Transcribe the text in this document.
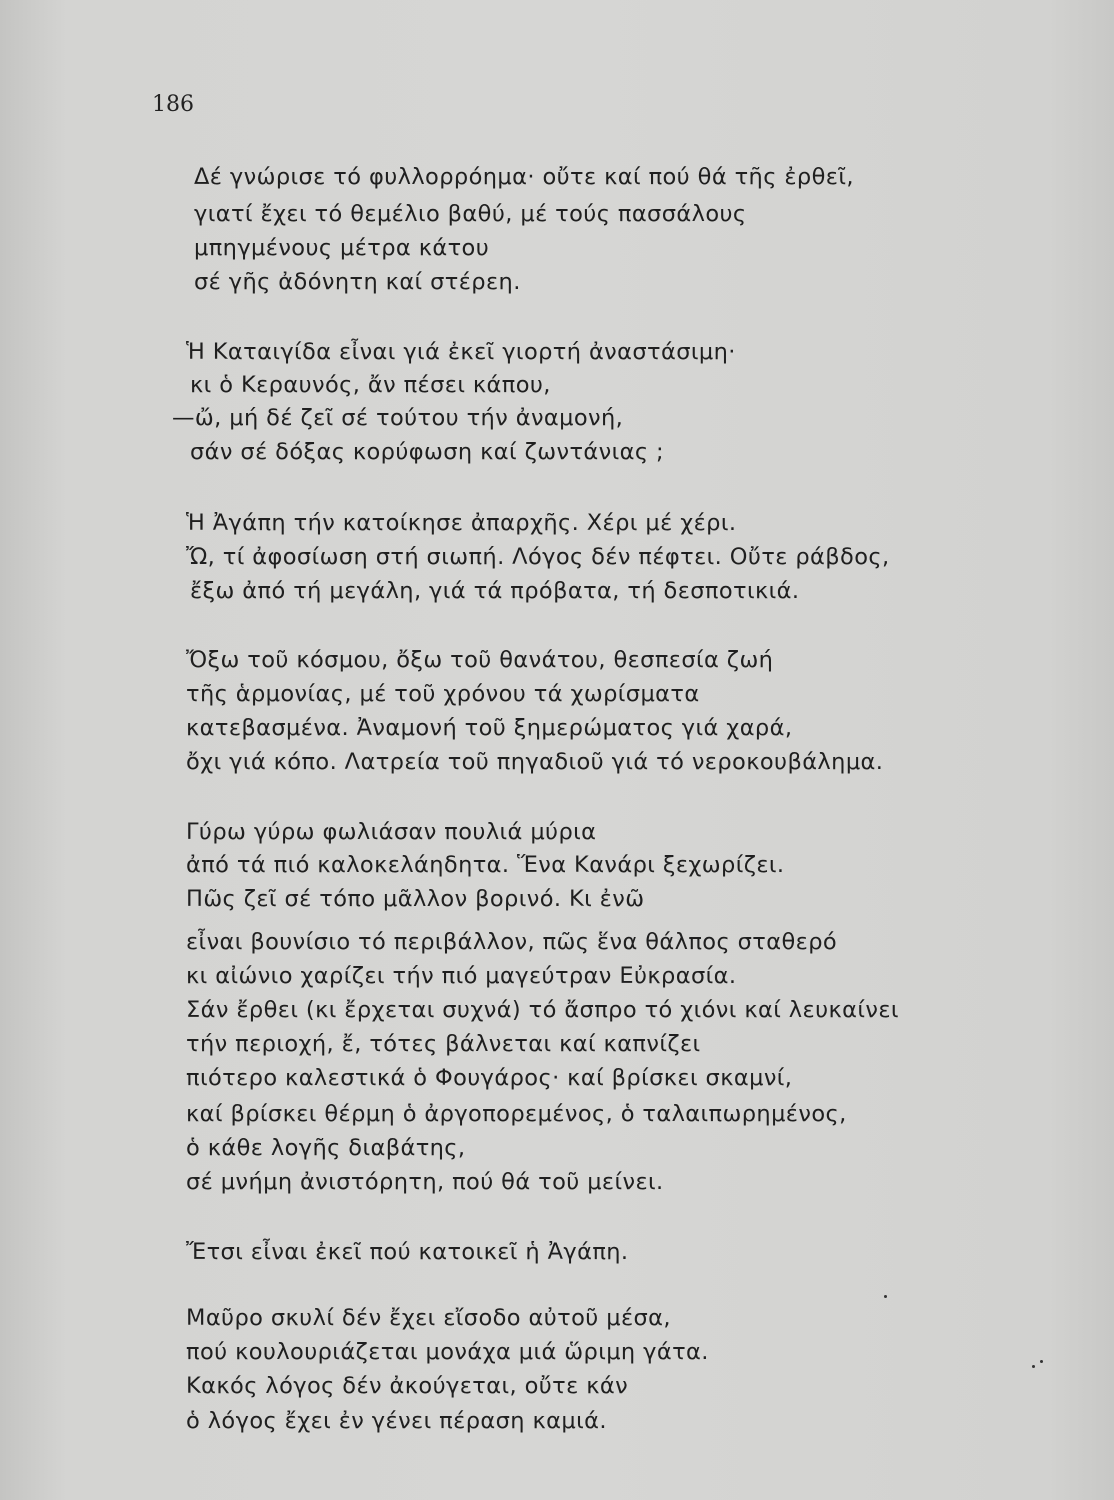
186
Δέ γνώρισε τό φυλλορρόημα· οὔτε καί πού θά τῆς ἐρθεῖ,
γιατί ἔχει τό θεμέλιο βαθύ, μέ τούς πασσάλους
μπηγμένους μέτρα κάτου
σέ γῆς ἀδόνητη καί στέρεη.
Ἡ Καταιγίδα εἶναι γιά ἐκεῖ γιορτή ἀναστάσιμη·
κι ὁ Κεραυνός, ἄν πέσει κάπου,
—ὤ, μή δέ ζεῖ σέ τούτου τήν ἀναμονή,
σάν σέ δόξας κορύφωση καί ζωντάνιας ;
Ἡ Ἀγάπη τήν κατοίκησε ἀπαρχῆς. Χέρι μέ χέρι.
Ὤ, τί ἀφοσίωση στή σιωπή. Λόγος δέν πέφτει. Οὔτε ράβδος,
ἔξω ἀπό τή μεγάλη, γιά τά πρόβατα, τή δεσποτικιά.
Ὄξω τοῦ κόσμου, ὄξω τοῦ θανάτου, θεσπεσία ζωή
τῆς ἁρμονίας, μέ τοῦ χρόνου τά χωρίσματα
κατεβασμένα. Ἀναμονή τοῦ ξημερώματος γιά χαρά,
ὄχι γιά κόπο. Λατρεία τοῦ πηγαδιοῦ γιά τό νεροκουβάλημα.
Γύρω γύρω φωλιάσαν πουλιά μύρια
ἀπό τά πιό καλοκελάηδητα. Ἕνα Κανάρι ξεχωρίζει.
Πῶς ζεῖ σέ τόπο μᾶλλον βορινό. Κι ἐνῶ
εἶναι βουνίσιο τό περιβάλλον, πῶς ἕνα θάλπος σταθερό
κι αἰώνιο χαρίζει τήν πιό μαγεύτραν Εὐκρασία.
Σάν ἔρθει (κι ἔρχεται συχνά) τό ἄσπρο τό χιόνι καί λευκαίνει
τήν περιοχή, ἔ, τότες βάλνεται καί καπνίζει
πιότερο καλεστικά ὁ Φουγάρος· καί βρίσκει σκαμνί,
καί βρίσκει θέρμη ὁ ἀργοπορεμένος, ὁ ταλαιπωρημένος,
ὁ κάθε λογῆς διαβάτης,
σέ μνήμη ἀνιστόρητη, πού θά τοῦ μείνει.
Ἔτσι εἶναι ἐκεῖ πού κατοικεῖ ἡ Ἀγάπη.
Μαῦρο σκυλί δέν ἔχει εἴσοδο αὐτοῦ μέσα,
πού κουλουριάζεται μονάχα μιά ὥριμη γάτα.
Κακός λόγος δέν ἀκούγεται, οὔτε κάν
ὁ λόγος ἔχει ἐν γένει πέραση καμιά.
